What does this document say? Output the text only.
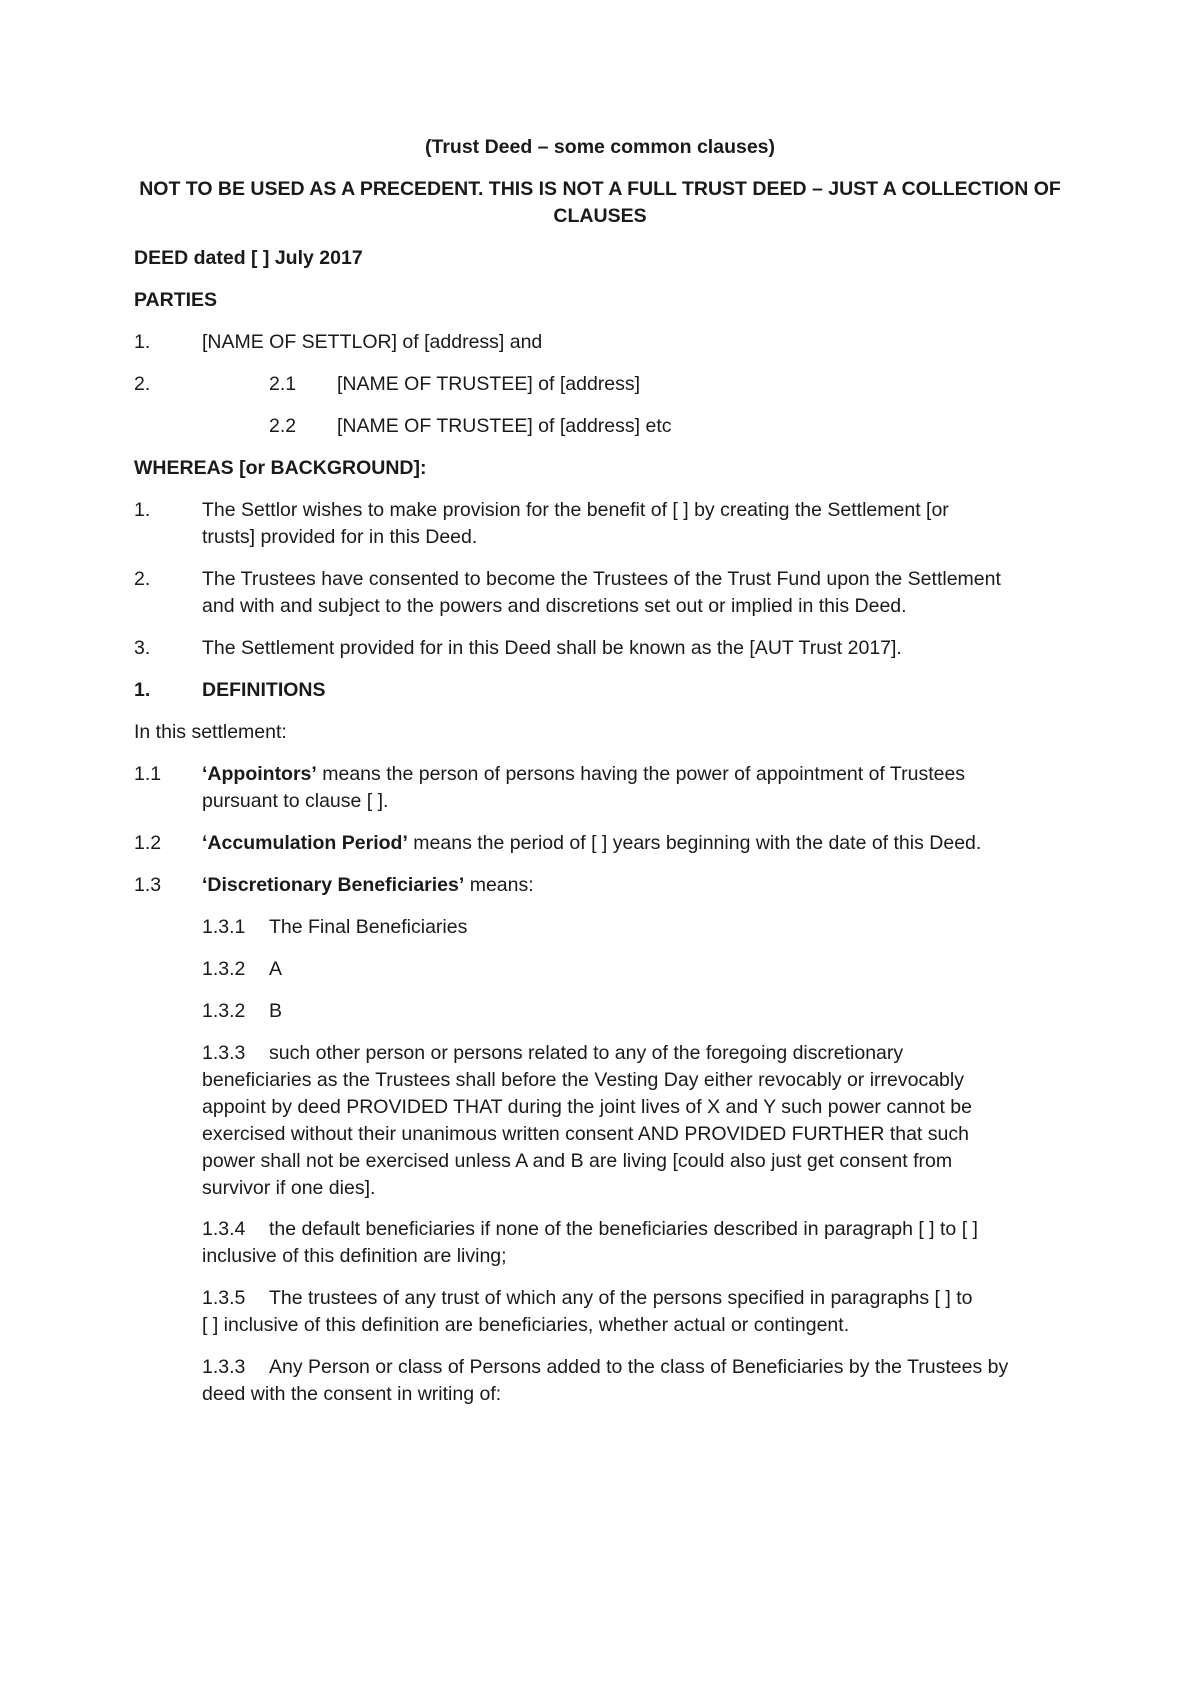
(Trust Deed – some common clauses)
NOT TO BE USED AS A PRECEDENT. THIS IS NOT A FULL TRUST DEED – JUST A COLLECTION OF
CLAUSES
DEED dated [ ] July 2017
PARTIES
1.	[NAME OF SETTLOR] of [address] and
2.	2.1 [NAME OF TRUSTEE] of [address]
2.2 [NAME OF TRUSTEE] of [address] etc
WHEREAS [or BACKGROUND]:
1.	The Settlor wishes to make provision for the benefit of [ ] by creating the Settlement [or
trusts] provided for in this Deed.
2.	The Trustees have consented to become the Trustees of the Trust Fund upon the Settlement
and with and subject to the powers and discretions set out or implied in this Deed.
3.	The Settlement provided for in this Deed shall be known as the [AUT Trust 2017].
1.	DEFINITIONS
In this settlement:
1.1 ‘Appointors’ means the person of persons having the power of appointment of Trustees
pursuant to clause [ ].
1.2 ‘Accumulation Period’ means the period of [ ] years beginning with the date of this Deed.
1.3 ‘Discretionary Beneficiaries’ means:
1.3.1 The Final Beneficiaries
1.3.2 A
1.3.2 B
1.3.3 such other person or persons related to any of the foregoing discretionary
beneficiaries as the Trustees shall before the Vesting Day either revocably or irrevocably
appoint by deed PROVIDED THAT during the joint lives of X and Y such power cannot be
exercised without their unanimous written consent AND PROVIDED FURTHER that such
power shall not be exercised unless A and B are living [could also just get consent from
survivor if one dies].
1.3.4 the default beneficiaries if none of the beneficiaries described in paragraph [ ] to [ ]
inclusive of this definition are living;
1.3.5 The trustees of any trust of which any of the persons specified in paragraphs [ ] to
[ ] inclusive of this definition are beneficiaries, whether actual or contingent.
1.3.3 Any Person or class of Persons added to the class of Beneficiaries by the Trustees by
deed with the consent in writing of:
